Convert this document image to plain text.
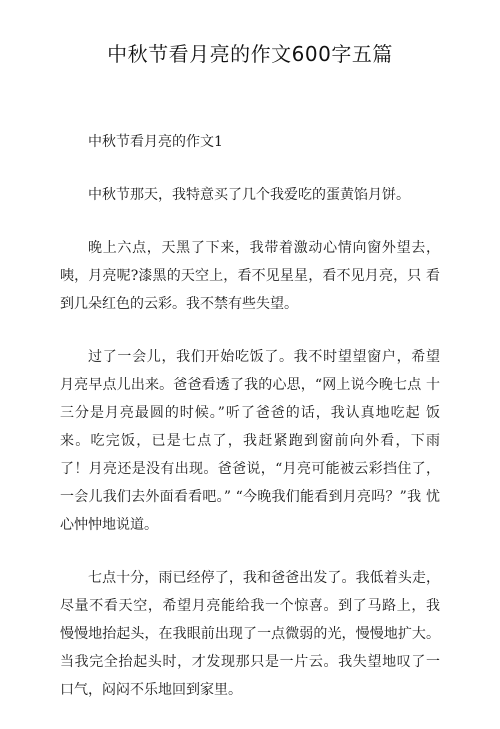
中秋节看月亮的作文600字五篇

中秋节看月亮的作文1

中秋节那天，我特意买了几个我爱吃的蛋黄馅月饼。

晚上六点，天黑了下来，我带着激动心情向窗外望去， 咦，月亮呢?漆黑的天空上，看不见星星，看不见月亮，只 看到几朵红色的云彩。我不禁有些失望。

过了一会儿，我们开始吃饭了。我不时望望窗户，希望 月亮早点儿出来。爸爸看透了我的心思，“网上说今晚七点 十三分是月亮最圆的时候。”听了爸爸的话，我认真地吃起 饭来。吃完饭，已是七点了，我赶紧跑到窗前向外看，下雨 了！月亮还是没有出现。爸爸说，“月亮可能被云彩挡住了，一会儿我们去外面看看吧。” “今晚我们能看到月亮吗？”我 忧心忡忡地说道。

七点十分，雨已经停了，我和爸爸出发了。我低着头走，尽量不看天空，希望月亮能给我一个惊喜。到了马路上，我 慢慢地抬起头，在我眼前出现了一点微弱的光，慢慢地扩大。 当我完全抬起头时，才发现那只是一片云。我失望地叹了一 口气，闷闷不乐地回到家里。
